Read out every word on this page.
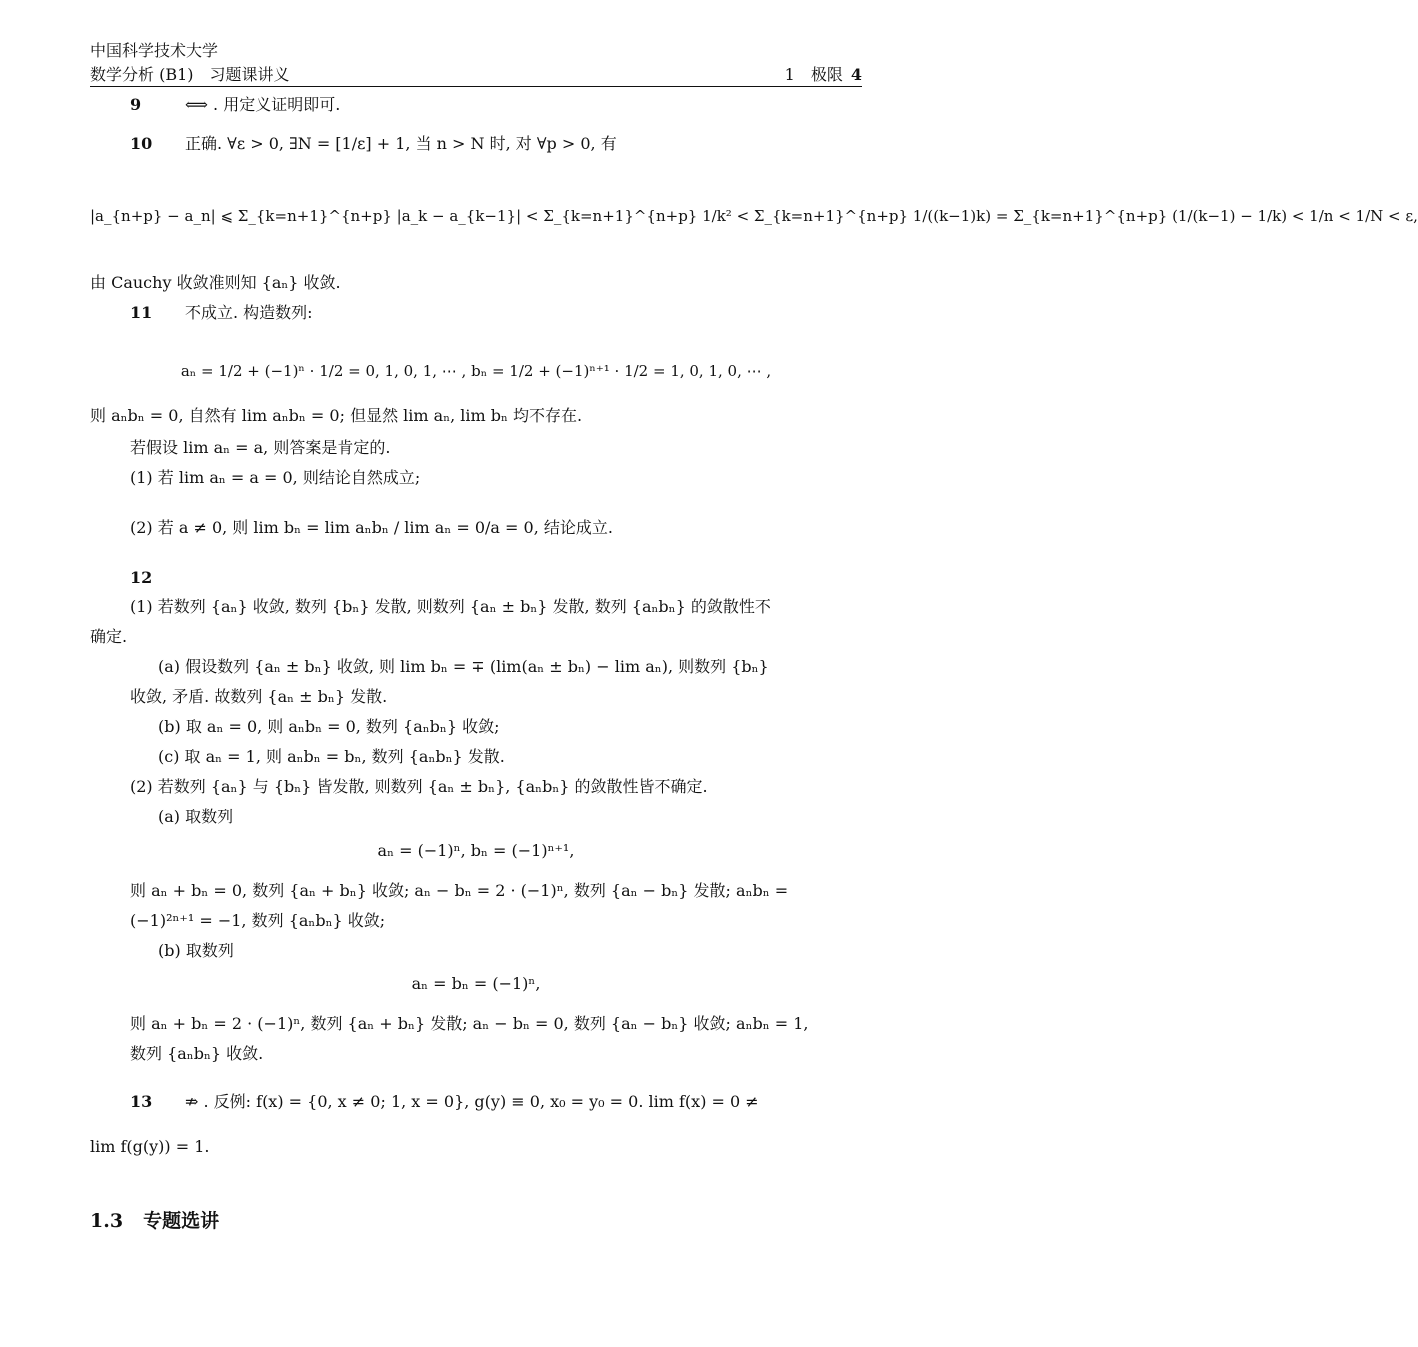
中国科学技术大学
数学分析 (B1)　习题课讲义	1　极限 4
9	⟺ . 用定义证明即可.
10 正确. ∀ε > 0, ∃N = [1/ε] + 1, 当 n > N 时, 对 ∀p > 0, 有
|a_{n+p} − a_n| ⩽ Σ_{k=n+1}^{n+p} |a_k − a_{k−1}| < Σ_{k=n+1}^{n+p} 1/k² < Σ_{k=n+1}^{n+p} 1/((k−1)k) = Σ_{k=n+1}^{n+p} (1/(k−1) − 1/k) < 1/n < 1/N < ε,
由 Cauchy 收敛准则知 {aₙ} 收敛.
11 不成立. 构造数列:
aₙ = 1/2 + (−1)ⁿ · 1/2 = 0, 1, 0, 1, ⋯ , bₙ = 1/2 + (−1)ⁿ⁺¹ · 1/2 = 1, 0, 1, 0, ⋯ ,
则 aₙbₙ = 0, 自然有 lim aₙbₙ = 0; 但显然 lim aₙ, lim bₙ 均不存在.
若假设 lim aₙ = a, 则答案是肯定的.
(1) 若 lim aₙ = a = 0, 则结论自然成立;
(2) 若 a ≠ 0, 则 lim bₙ = lim aₙbₙ / lim aₙ = 0/a = 0, 结论成立.
12
(1) 若数列 {aₙ} 收敛, 数列 {bₙ} 发散, 则数列 {aₙ ± bₙ} 发散, 数列 {aₙbₙ} 的敛散性不
确定.
(a) 假设数列 {aₙ ± bₙ} 收敛, 则 lim bₙ = ∓ (lim(aₙ ± bₙ) − lim aₙ), 则数列 {bₙ}
收敛, 矛盾. 故数列 {aₙ ± bₙ} 发散.
(b) 取 aₙ = 0, 则 aₙbₙ = 0, 数列 {aₙbₙ} 收敛;
(c) 取 aₙ = 1, 则 aₙbₙ = bₙ, 数列 {aₙbₙ} 发散.
(2) 若数列 {aₙ} 与 {bₙ} 皆发散, 则数列 {aₙ ± bₙ}, {aₙbₙ} 的敛散性皆不确定.
(a) 取数列
aₙ = (−1)ⁿ, bₙ = (−1)ⁿ⁺¹,
则 aₙ + bₙ = 0, 数列 {aₙ + bₙ} 收敛; aₙ − bₙ = 2 · (−1)ⁿ, 数列 {aₙ − bₙ} 发散; aₙbₙ =
(−1)²ⁿ⁺¹ = −1, 数列 {aₙbₙ} 收敛;
(b) 取数列
aₙ = bₙ = (−1)ⁿ,
则 aₙ + bₙ = 2 · (−1)ⁿ, 数列 {aₙ + bₙ} 发散; aₙ − bₙ = 0, 数列 {aₙ − bₙ} 收敛; aₙbₙ = 1,
数列 {aₙbₙ} 收敛.
13 ⇏ . 反例: f(x) = {0, x ≠ 0; 1, x = 0}, g(y) ≡ 0, x₀ = y₀ = 0. lim f(x) = 0 ≠
lim f(g(y)) = 1.
1.3 专题选讲
